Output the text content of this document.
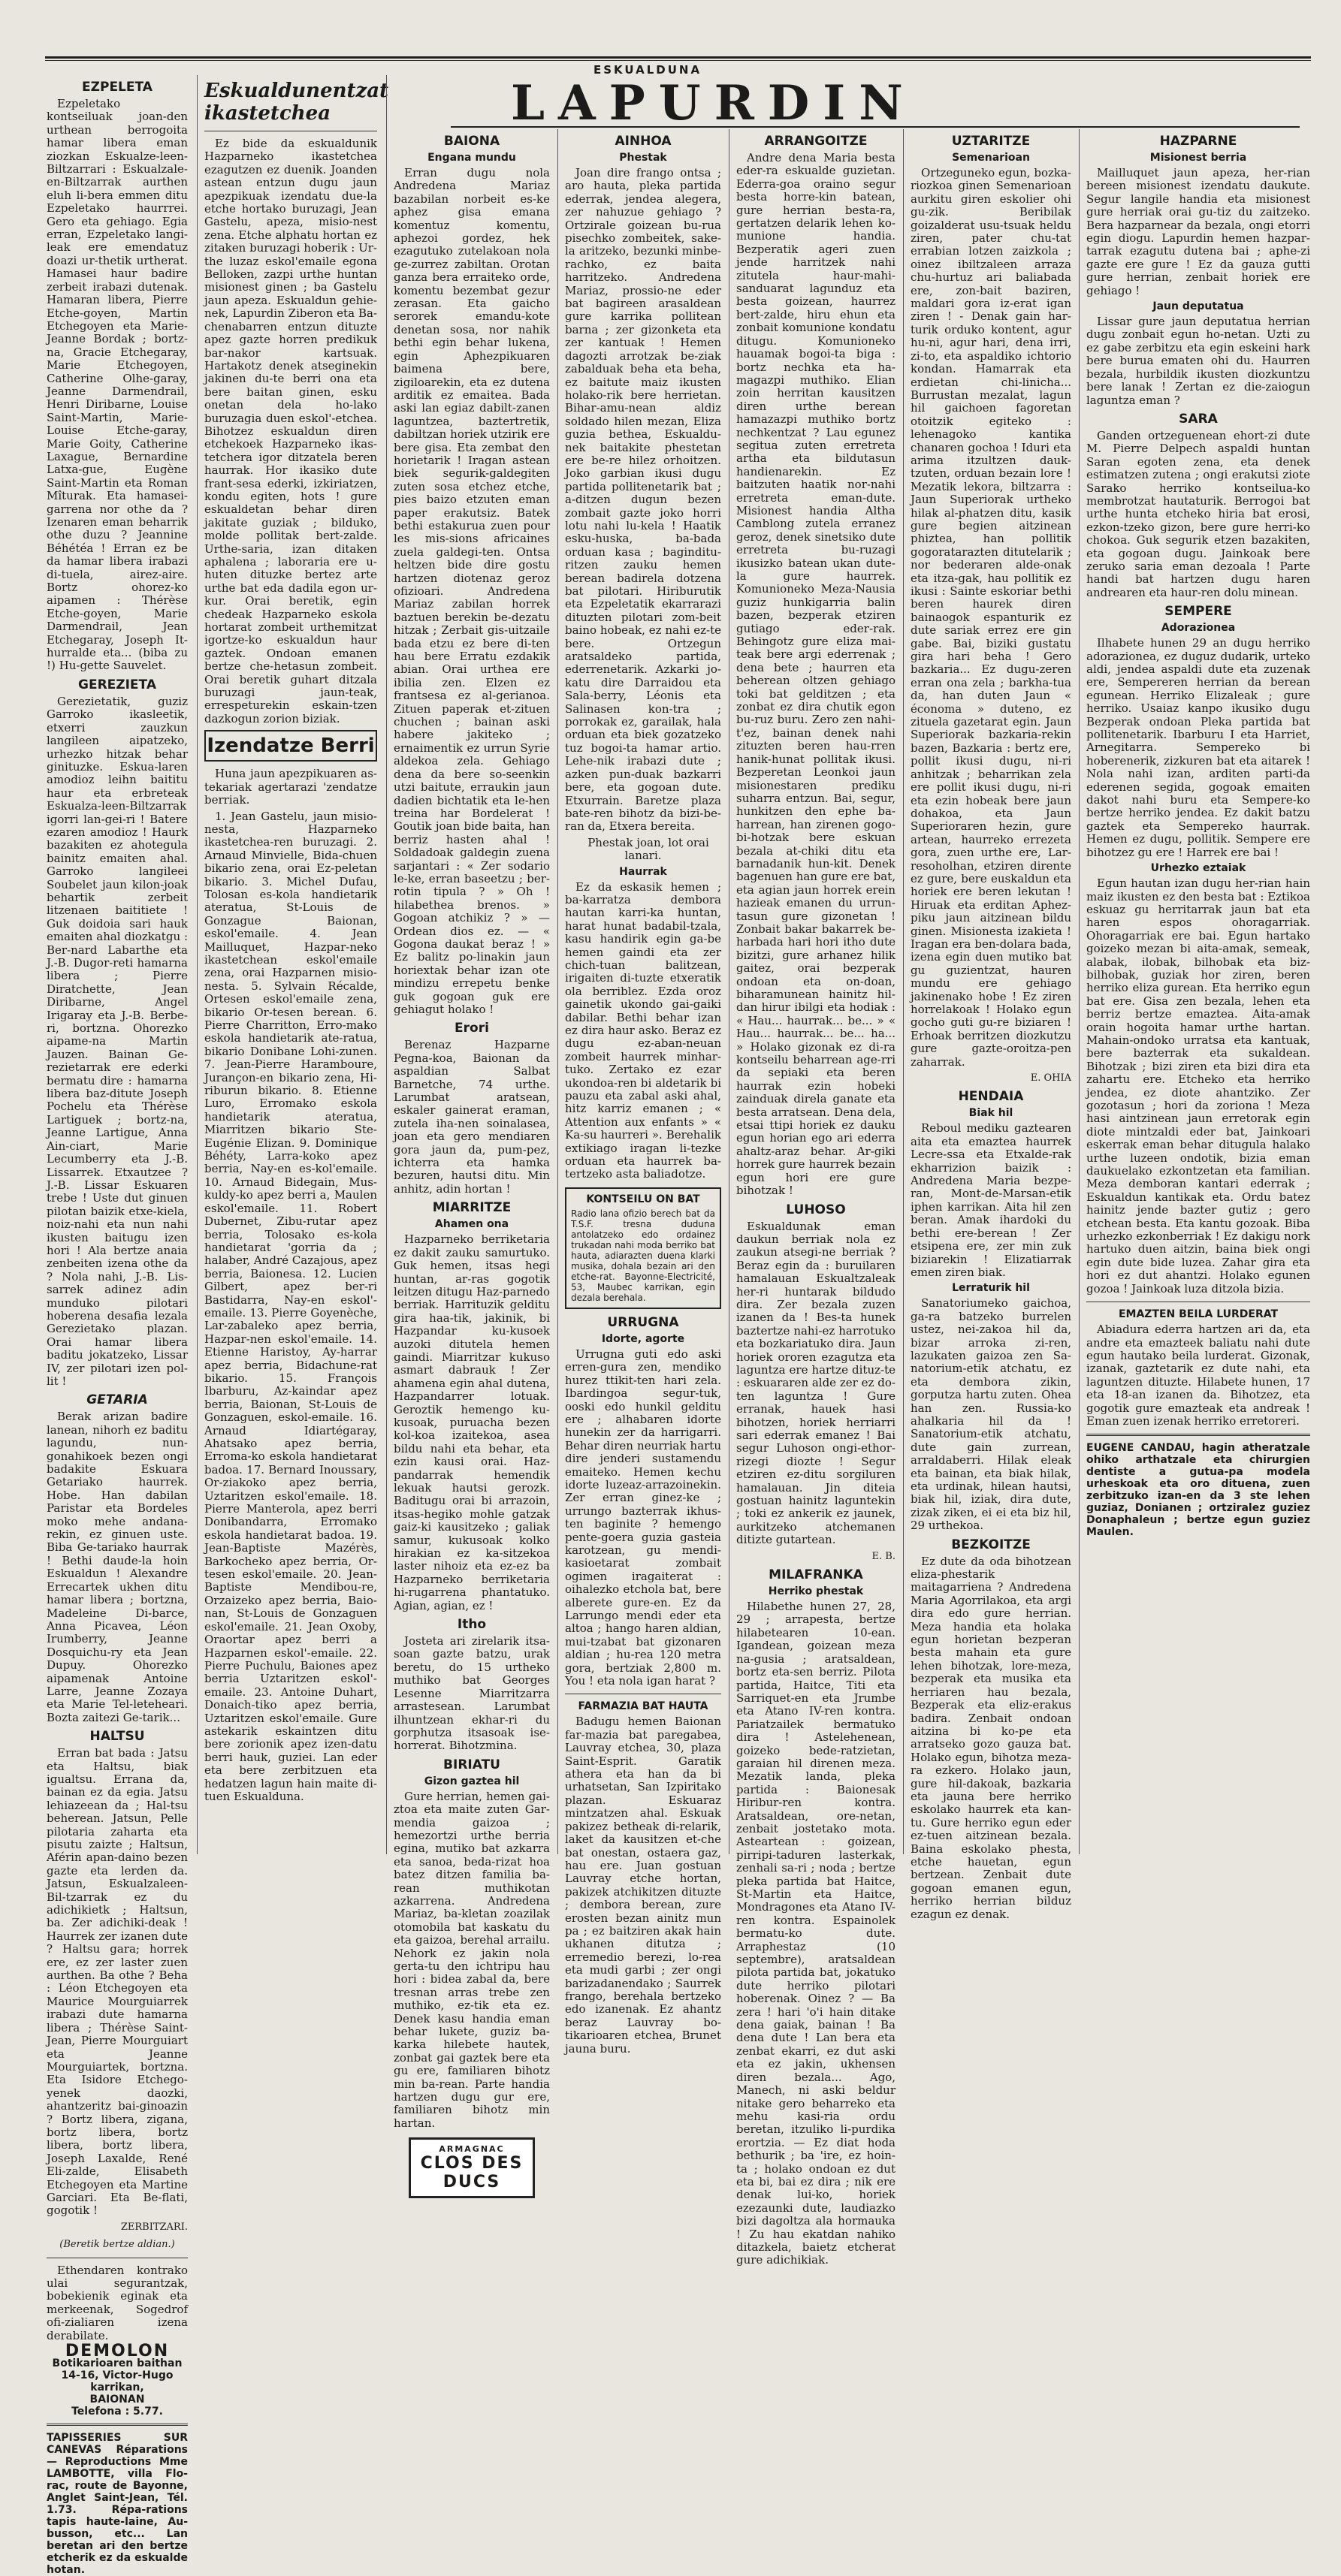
ESKUALDUNA
LAPURDIN
EZPELETA

Ezpeletako kontseiluak joan-den urthean berrogoita hamar libera eman ziozkan Eskualze-leen-Biltzarrari : Eskualzale-en-Biltzarrak aurthen eluh li-bera emmen ditu Ezpeletako haurrrei. Gero eta gehiago. Egia erran, Ezpeletako langi-leak ere emendatuz doazi ur-thetik urtherat. Hamasei haur badire zerbeit irabazi dutenak. Hamaran libera, Pierre Etche-goyen, Martin Etchegoyen eta Marie-Jeanne Bordak ; bortz-na, Gracie Etchegaray, Marie Etchegoyen, Catherine Olhe-garay, Jeanne Darmendrail, Henri Diribarne, Louise Saint-Martin, Marie-Louise Etche-garay, Marie Goity, Catherine Laxague, Bernardine Latxa-gue, Eugène Saint-Martin eta Roman Mîturak. Eta hamasei-garrena nor othe da ? Izenaren eman beharrik othe duzu ? Jeannine Béhétéa ! Erran ez be da hamar libera irabazi di-tuela, airez-aire. Bortz ohorez-ko aipamen : Thérèse Etche-goyen, Marie Darmendrail, Jean Etchegaray, Joseph It-hurralde eta... (biba zu !) Hu-gette Sauvelet.

GEREZIETA

Gerezietatik, guziz Garroko ikasleetik, etxerri zauzkun langileen aipatzeko, urhezko hitzak behar ginituzke. Eskua-laren amodioz leihn baititu haur eta erbreteak Eskualza-leen-Biltzarrak igorri lan-gei-ri ! Batere ezaren amodioz ! Haurk bazakiten ez ahotegula bainitz emaiten ahal. Garroko langileei Soubelet jaun kilon-joak behartik zerbeit litzenaen baititiete ! Guk doidoia sari hauk emaiten ahal diozkatgu : Ber-nard Labarthe eta J.-B. Dugor-reti hamarna libera ; Pierre Diratchette, Jean Diribarne, Angel Irigaray eta J.-B. Berbe-ri, bortzna. Ohorezko aipame-na Martin Jauzen. Bainan Ge-rezietarrak ere ederki bermatu dire : hamarna libera baz-ditute Joseph Pochelu eta Thérèse Lartiguek ; bortz-na, Jeanne Lartigue, Anna Ain-ciart, Marie Lecumberry eta J.-B. Lissarrek. Etxautzee ? J.-B. Lissar Eskuaren trebe ! Uste dut ginuen pilotan baizik etxe-kiela, noiz-nahi eta nun nahi ikusten baitugu izen hori ! Ala bertze anaia zenbeiten izena othe da ? Nola nahi, J.-B. Lis-sarrek adinez adin munduko pilotari hoberena desafia lezala Gerezietako plazan. Orai hamar libera baditu jokatzeko, Lissar IV, zer pilotari izen pol-lit !

GETARIA

Berak arizan badire lanean, nihorh ez baditu lagundu, nun-gonahikoek bezen ongi badakite Eskuara Getariako haurrek. Hobe. Han dabilan Paristar eta Bordeles moko mehe andana-rekin, ez ginuen uste. Biba Ge-tariako haurrak ! Bethi daude-la hoin Eskualdun ! Alexandre Errecartek ukhen ditu hamar libera ; bortzna, Madeleine Di-barce, Anna Picavea, Léon Irumberry, Jeanne Dosquichu-ry eta Jean Dupuy. Ohorezko aipamenak Antoine Larre, Jeanne Zozaya eta Marie Tel-leteheari. Bozta zaitezi Ge-tarik...

HALTSU

Erran bat bada : Jatsu eta Haltsu, biak igualtsu. Errana da, bainan ez da egia. Jatsu lehiazeean da ; Hal-tsu beherean. Jatsun, Pelle pilotaria zaharta eta pisutu zaizte ; Haltsun, Aférin apan-daino bezen gazte eta lerden da. Jatsun, Eskualzaleen-Bil-tzarrak ez du adichikietk ; Haltsun, ba. Zer adichiki-deak ! Haurrek zer izanen dute ? Haltsu gara; horrek ere, ez zer laster zuen aurthen. Ba othe ? Beha : Léon Etchegoyen eta Maurice Mourguiarrek irabazi dute hamarna libera ; Thérèse Saint-Jean, Pierre Mourguiart eta Jeanne Mourguiartek, bortzna. Eta Isidore Etchego-yenek daozki, ahantzeritz bai-ginoazin ? Bortz libera, zigana, bortz libera, bortz libera, bortz libera, Joseph Laxalde, René Eli-zalde, Elisabeth Etchegoyen eta Martine Garciari. Eta Be-flati, gogotik !

ZERBITZARI.
(Beretik bertze aldian.)

Ethendaren kontrako ulai segurantzak, bobekienik eginak eta merkeenak, Sogedrof ofi-zialiaren izena derabilate.

DEMOLON
Botikarioaren baithan
14-16, Victor-Hugo karrikan,
BAIONAN
Telefona : 5.77.
TAPISSERIES SUR CANEVAS Réparations — Reproductions Mme LAMBOTTE, villa Flo-rac, route de Bayonne, Anglet Saint-Jean, Tél. 1.73. Répa-rations tapis haute-laine, Au-busson, etc... Lan beretan ari den bertze etcherik ez da eskualde hotan.
Eskualdunentzat ikastetchea

Ez bide da eskualdunik Hazparneko ikastetchea ezagutzen ez duenik. Joanden astean entzun dugu jaun apezpikuak izendatu due-la etche hortako buruzagi, Jean Gastelu, apeza, misio-nest zena. Etche alphatu hortan ez zitaken buruzagi hoberik : Ur-the luzaz eskol'emaile egona Belloken, zazpi urthe huntan misionest ginen ; ba Gastelu jaun apeza. Eskualdun gehie-nek, Lapurdin Ziberon eta Ba-chenabarren entzun dituzte apez gazte horren predikuk bar-nakor kartsuak. Hartakotz denek atseginekin jakinen du-te berri ona eta bere baitan ginen, esku onetan dela ho-lako buruzagia duen eskol'-etchea. Bihotzez eskualdun diren etchekoek Hazparneko ikas-tetchera igor ditzatela beren haurrak. Hor ikasiko dute frant-sesa ederki, izkiriatzen, kondu egiten, hots ! gure eskualdetan behar diren jakitate guziak ; bilduko, molde pollitak bert-zalde. Urthe-saria, izan ditaken aphalena ; laboraria ere u-huten dituzke bertez arte urthe bat eda dadila egon ur-kur. Orai beretik, egin chedeak Hazparneko eskola hortarat zombeit urthemitzat igortze-ko eskualdun haur gaztek. Ondoan emanen bertze che-hetasun zombeit. Orai beretik guhart ditzala buruzagi jaun-teak, errespeturekin eskain-tzen dazkogun zorion biziak.

Izendatze Berri

Huna jaun apezpikuaren as-tekariak agertarazi 'zendatze berriak.

1. Jean Gastelu, jaun misio-nesta, Hazparneko ikastetchea-ren buruzagi. 2. Arnaud Minvielle, Bida-chuen bikario zena, orai Ez-peletan bikario. 3. Michel Dufau, Tolosan es-kola handietarik ateratua, St-Louis de Gonzague Baionan, eskol'emaile. 4. Jean Mailluquet, Hazpar-neko ikastetchean eskol'emaile zena, orai Hazparnen misio-nesta. 5. Sylvain Récalde, Ortesen eskol'emaile zena, bikario Or-tesen berean. 6. Pierre Charritton, Erro-mako eskola handietarik ate-ratua, bikario Donibane Lohi-zunen. 7. Jean-Pierre Haramboure, Jurançon-en bikario zena, Hi-riburun bikario. 8. Etienne Luro, Erromako eskola handietarik ateratua, Miarritzen bikario Ste-Eugénie Elizan. 9. Dominique Béhéty, Larra-koko apez berria, Nay-en es-kol'emaile. 10. Arnaud Bidegain, Mus-kuldy-ko apez berri a, Maulen eskol'emaile. 11. Robert Dubernet, Zibu-rutar apez berria, Tolosako es-kola handietarat 'gorria da ; halaber, André Cazajous, apez berria, Baionesa. 12. Lucien Gilbert, apez ber-ri Bastidarra, Nay-en eskol'-emaile. 13. Pierre Goyenèche, Lar-zabaleko apez berria, Hazpar-nen eskol'emaile. 14. Etienne Haristoy, Ay-harrar apez berria, Bidachune-rat bikario. 15. François Ibarburu, Az-kaindar apez berria, Baionan, St-Louis de Gonzaguen, eskol-emaile. 16. Arnaud Idiartégaray, Ahatsako apez berria, Erroma-ko eskola handietarat badoa. 17. Bernard Inoussary, Or-ziakoko apez berria, Uztaritzen eskol'emaile. 18. Pierre Manterola, apez berri Donibandarra, Erromako eskola handietarat badoa. 19. Jean-Baptiste Mazérès, Barkocheko apez berria, Or-tesen eskol'emaile. 20. Jean-Baptiste Mendibou-re, Orzaizeko apez berria, Baio-nan, St-Louis de Gonzaguen eskol'emaile. 21. Jean Oxoby, Oraortar apez berri a Hazparnen eskol'-emaile. 22. Pierre Puchulu, Baiones apez berria Uztaritzen eskol'-emaile. 23. Antoine Duhart, Donaich-tiko apez berria, Uztaritzen eskol'emaile. Gure astekarik eskaintzen ditu bere zorionik apez izen-datu berri hauk, guziei. Lan eder eta bere zerbitzuen eta hedatzen lagun hain maite di-tuen Eskualduna.

BAIONA
Engana mundu

Erran dugu nola Andredena Mariaz bazabilan norbeit es-ke aphez gisa emana komentuz komentu, aphezoi gordez, hek ezagutuko zutelakoan nola ge-zurrez zabiltan. Orotan ganza bera erraiteko orde, komentu bezembat gezur zerasan. Eta gaicho serorek emandu-kote denetan sosa, nor nahik bethi egin behar lukena, egin Aphezpikuaren baimena bere, zigiloarekin, eta ez dutena arditik ez emaitea. Bada aski lan egiaz dabilt-zanen laguntzea, baztertretik, dabiltzan horiek utzirik ere bere gisa. Eta zembat den horietarik ! Iragan astean biek segurik-galdegiten zuten sosa etchez etche, pies baizo etzuten eman paper erakutsiz. Batek bethi estakurua zuen pour les mis-sions africaines zuela galdegi-ten. Ontsa heltzen bide dire gostu hartzen diotenaz geroz ofizioari. Andredena Mariaz zabilan horrek baztuen berekin be-dezatu hitzak ; Zerbait gis-uitzaile bada etzu ez bere di-ten hau bere Erratu ezdakik abian. Orai urthea ere ibilia zen. Elzen ez frantsesa ez al-gerianoa. Zituen paperak et-zituen chuchen ; bainan aski habere jakiteko ; ernaimentik ez urrun Syrie aldekoa zela. Gehiago dena da bere so-seenkin utzi baitute, erraukin jaun dadien bichtatik eta le-hen treina har Bordelerat ! Goutik joan bide baita, han berriz hasten ahal ! Soldadoak galdegin zuena sarjantari : « Zer sodario le-ke, erran baseetzu ; ber-rotin tipula ? » Oh ! hilabethea brenos. » Gogoan atchikiz ? » —Ordean dios ez. — « Gogona daukat beraz ! » Ez balitz po-linakin jaun horiextak behar izan ote mindizu errepetu benke guk gogoan guk ere gehiagut holako !

Erori

Berenaz Hazparne Pegna-koa, Baionan da aspaldian Salbat Barnetche, 74 urthe. Larumbat aratsean, eskaler gainerat eraman, zutela iha-nen soinalasea, joan eta gero mendiaren gora jaun da, pum-pez, ichterra eta hamka bezuren, hautsi ditu. Min anhitz, adin hortan !

MIARRITZE
Ahamen ona

Hazparneko berriketaria ez dakit zauku samurtuko. Guk hemen, itsas hegi huntan, ar-ras gogotik leitzen ditugu Haz-parnedo berriak. Harrituzik gelditu gira haa-tik, jakinik, bi Hazpandar ku-kusoek auzoki ditutela hemen gaindi. Miarritzar kukuso asmart dabrauk ! Zer ahamena egin ahal dutena, Hazpandarrer lotuak. Geroztik hemengo ku-kusoak, puruacha bezen kol-koa izaitekoa, asea bildu nahi eta behar, eta ezin kausi orai. Haz-pandarrak hemendik lekuak hautsi gerozk. Baditugu orai bi arrazoin, itsas-hegiko mohle gatzak gaiz-ki kausitzeko ; galiak samur, kukusoak kolko hirakian ez ka-sitzekoa laster nihoiz eta ez-ez ba Hazparneko berriketaria hi-rugarrena phantatuko. Agian, agian, ez !

Itho

Josteta ari zirelarik itsa-soan gazte batzu, urak beretu, do 15 urtheko muthiko bat Georges Lesenne Miarritzarra arrastesean. Larumbat ilhuntzean ekhar-ri du gorphutza itsasoak ise-horrerat. Bihotzmina.

BIRIATU
Gizon gaztea hil

Gure herrian, hemen gai-ztoa eta maite zuten Gar-mendia gaizoa ; hemezortzi urthe berria egina, mutiko bat azkarra eta sanoa, beda-rizat hoa batez ditzen familia ba-rean muthikotan azkarrena. Andredena Mariaz, ba-kletan zoazilak otomobila bat kaskatu du eta gaizoa, berehal arrailu. Nehork ez jakin nola gerta-tu den ichtripu hau hori : bidea zabal da, bere tresnan arras trebe zen muthiko, ez-tik eta ez. Denek kasu handia eman behar lukete, guziz ba-karka hilebete hautek, zonbat gai gaztek bere eta gu ere, familiaren bihotz min ba-rean. Parte handia hartzen dugu gur ere, familiaren bihotz min hartan.

ARMAGNAC
CLOS DES DUCS
AINHOA
Phestak

Joan dire frango ontsa ; aro hauta, pleka partida ederrak, jendea alegera, zer nahuzue gehiago ? Ortzirale goizean bu-rua pisechko zombeitek, sake-la aritzeko, bezunki minbe-rachko, ez baita harritzeko. Andredena Mariaz, prossio-ne eder bat bagireen arasaldean gure karrika pollitean barna ; zer gizonketa eta zer kantuak ! Hemen dagozti arrotzak be-ziak zabalduak beha eta beha, ez baitute maiz ikusten holako-rik bere herrietan. Bihar-amu-nean aldiz soldado hilen mezan, Eliza guzia bethea, Eskualdu-nek baitakite phestetan ere be-re hilez orhoitzen. Joko garbian ikusi dugu partida pollitenetarik bat ; a-ditzen dugun bezen zombait gazte joko horri lotu nahi lu-kela ! Haatik esku-huska, ba-bada orduan kasa ; baginditu-ritzen zauku hemen berean badirela dotzena bat pilotari. Hiriburutik eta Ezpeletatik ekarrarazi dituzten pilotari zom-beit baino hobeak, ez nahi ez-te bere. Ortzegun aratsaldeko partida, ederrenetarik. Azkarki jo-katu dire Darraidou eta Sala-berry, Léonis eta Salinasen kon-tra ; porrokak ez, garailak, hala orduan eta biek gozatzeko tuz bogoi-ta hamar artio. Lehe-nik irabazi dute ; azken pun-duak bazkarri bere, eta gogoan dute. Etxurrain. Baretze plaza bate-ren bihotz da bizi-be-ran da, Etxera bereita.

Phestak joan, lot orai lanari.

Haurrak

Ez da eskasik hemen ; ba-karratza dembora hautan karri-ka huntan, harat hunat badabil-tzala, kasu handirik egin ga-be hemen gaindi eta zer chich-tuan balitzean, irigaiten di-tuzte etxeratik ola berriblez. Ezda oroz gainetik ukondo gai-gaiki dabilar. Bethi behar izan ez dira haur asko. Beraz ez dugu ez-aban-neuan zombeit haurrek minhar-tuko. Zertako ez ezar ukondoa-ren bi aldetarik bi pauzu eta zabal aski ahal, hitz karriz emanen ; « Attention aux enfants » « Ka-su haurreri ». Berehalik extikiago iragan li-tezke orduan eta haurrek ba-tertzeko asta baliadotze.

KONTSEILU ON BAT
Radio lana ofizio berech bat da T.S.F. tresna duduna antolatzeko edo ordainez trukadan nahi moda berriko bat hauta, adiarazten duena klarki musika, dohala bezain ari den etche-rat. Bayonne-Electricité, 53, Maubec karrikan, egin dezala berehala.
URRUGNA
Idorte, agorte

Urrugna guti edo aski erren-gura zen, mendiko hurez ttikit-ten hari zela. Ibardingoa segur-tuk, ooski edo hunkil gelditu ere ; alhabaren idorte hunekin zer da harrigarri. Behar diren neurriak hartu dire jenderi sustamendu emaiteko. Hemen kechu idorte luzeaz-arrazoinekin. Zer erran ginez-ke ; urrungo bazterrak ikhus-ten baginite ? hemengo pente-goera guzia gasteia karotzean, gu mendi-kasioetarat zombait ogimen iragaiterat : oihalezko etchola bat, bere alberete gure-en. Ez da Larrungo mendi eder eta altoa ; hango haren aldian, mui-tzabat bat gizonaren aldian ; hu-rea 120 metra gora, bertziak 2,800 m. You ! eta nola igan harat ?

FARMAZIA BAT HAUTA

Badugu hemen Baionan far-mazia bat paregabea, Lauvray etchea, 30, plaza Saint-Esprit. Garatik athera eta han da bi urhatsetan, San Izpiritako plazan. Eskuaraz mintzatzen ahal. Eskuak pakizez betheak di-relarik, laket da kausitzen et-che bat onestan, ostaera gaz, hau ere. Juan gostuan Lauvray etche hortan, pakizek atchikitzen dituzte ; dembora berean, zure erosten bezan ainitz mun pa ; ez baitziren akak hain ukhanen ditutza ; erremedio berezi, lo-rea eta mudi garbi ; zer ongi barizadanendako ; Saurrek frango, berehala bertzeko edo izanenak. Ez ahantz beraz Lauvray bo-tikarioaren etchea, Brunet jauna buru.

ARRANGOITZE

Andre dena Maria besta eder-ra eskualde guzietan. Ederra-goa oraino segur besta horre-kin batean, gure herrian besta-ra, gertatzen delarik lehen ko-munione handia. Bezperatik ageri zuen jende harritzek nahi zitutela haur-mahi-sanduarat lagunduz eta besta goizean, haurrez bert-zalde, hiru ehun eta zonbait komunione kondatu ditugu. Komunioneko hauamak bogoi-ta biga : bortz nechka eta ha-magazpi muthiko. Elian zoin herritan kausitzen diren urthe berean hamazazpi muthiko bortz nechkentzat ? Lau egunez segitua zuten erretreta artha eta bildutasun handienarekin. Ez baitzuten haatik nor-nahi erretreta eman-dute. Misionest handia Altha Camblong zutela erranez geroz, denek sinetsiko dute erretreta bu-ruzagi ikusizko batean ukan dute-la gure haurrek. Komunioneko Meza-Nausia guziz hunkigarria balin bazen, bezperak etziren gutiago eder-rak. Behingotz gure eliza mai-teak bere argi ederrenak ; dena bete ; haurren eta beherean oltzen gehiago toki bat gelditzen ; eta zonbat ez dira chutik egon bu-ruz buru. Zero zen nahi-t'ez, bainan denek nahi zituzten beren hau-rren hanik-hunat pollitak ikusi. Bezperetan Leonkoi jaun misionestaren prediku suharra entzun. Bai, segur, hunkitzen den ephe ba-harrean, han zirenen gogo-bi-hotzak bere eskuan bezala at-chiki ditu eta barnadanik hun-kit. Denek bagenuen han gure ere bat, eta agian jaun horrek erein hazieak emanen du urrun-tasun gure gizonetan ! Zonbait bakar bakarrek be-harbada hari hori itho dute bizitzi, gure arhanez hilik gaitez, orai bezperak ondoan eta on-doan, biharamunean hainitz hil-dan hirur ibilgi eta hodiak : « Hau... haurrak... be... » « Hau... haurrak... be... ha... » Holako gizonak ez di-ra kontseilu beharrean age-rri da sepiaki eta beren haurrak ezin hobeki zainduak direla ganate eta besta arratsean. Dena dela, etsai ttipi horiek ez dauku egun horian ego ari ederra ahaltz-araz behar. Ar-giki horrek gure haurrek bezain egun hori ere gure bihotzak !

LUHOSO

Eskualdunak eman daukun berriak nola ez zaukun atsegi-ne berriak ? Beraz egin da : buruilaren hamalauan Eskualtzaleak her-ri huntarak bildudo dira. Zer bezala zuzen izanen da ! Bes-ta hunek baztertze nahi-ez harrotuko eta bozkariatuko dira. Jaun horiek ororen ezagutza eta laguntza ere hartze dituz-te : eskuararen alde zer ez do-ten laguntza ! Gure erranak, hauek hasi bihotzen, horiek herriarri sari ederrak emanez ! Bai segur Luhoson ongi-ethor-rizegi diozte ! Segur etziren ez-ditu sorgiluren hamalauan. Jin diteia gostuan hainitz laguntekin ; toki ez ankerik ez jaunek, aurkitzeko atchemanen ditizte gutartean.

E. B.
MILAFRANKA
Herriko phestak

Hilabethe hunen 27, 28, 29 ; arrapesta, bertze hilabetearen 10-ean. Igandean, goizean meza na-gusia ; aratsaldean, bortz eta-sen berriz. Pilota partida, Haitce, Titi eta Sarriquet-en eta Jrumbe eta Atano IV-ren kontra. Pariatzailek bermatuko dira ! Astelehenean, goizeko bede-ratzietan, garaian hil direnen meza. Mezatik landa, pleka partida : Baionesak Hiribur-ren kontra. Aratsaldean, ore-netan, zenbait jostetako mota. Asteartean : goizean, pirripi-taduren lasterkak, zenhali sa-ri ; noda ; bertze pleka partida bat Haitce, St-Martin eta Haitce, Mondragones eta Atano IV-ren kontra. Espainolek bermatu-ko dute. Arraphestaz (10 septembre), aratsaldean pilota partida bat, jokatuko dute herriko pilotari hoberenak. Oinez ? — Ba zera ! hari 'o'i hain ditake dena gaiak, bainan ! Ba dena dute ! Lan bera eta zenbat ekarri, ez dut aski eta ez jakin, ukhensen diren bezala... Ago, Manech, ni aski beldur nitake gero beharreko eta mehu kasi-ria ordu beretan, itzuliko li-purdika erortzia. — Ez diat hoda bethurik ; ba 'ire, ez hoin-ta ; holako ondoan ez dut eta bi, bai ez dira ; nik ere denak lui-ko, horiek ezezaunki dute, laudiazko bizi dagoltza ala hormauka ! Zu hau ekatdan nahiko ditazkela, baietz etcherat gure adichikiak.

UZTARITZE
Semenarioan

Ortzeguneko egun, bozka-riozkoa ginen Semenarioan aurkitu giren eskolier ohi gu-zik. Beribilak goizalderat usu-tsuak heldu ziren, pater chu-tat errabian lotzen zaizkola ; oinez ibiltzaleen arraza chu-hurtuz ari baliabada ere, zon-bait baziren, maldari gora iz-erat igan ziren ! - Denak gain har-turik orduko kontent, agur hu-ni, agur hari, dena irri, zi-to, eta aspaldiko ichtorio kondan. Hamarrak eta erdietan chi-linicha... Burrustan mezalat, lagun hil gaichoen fagoretan otoitzik egiteko : lehenagoko kantika chanaren gochoa ! Iduri eta arima itzultzen dauk-tzuten, orduan bezain lore ! Mezatik lekora, biltzarra : Jaun Superiorak urtheko hilak al-phatzen ditu, kasik gure begien aitzinean phiztea, han pollitik gogoratarazten ditutelarik ; nor bederaren alde-onak eta itza-gak, hau pollitik ez ikusi : Sainte eskoriar bethi beren haurek diren bainaogok espanturik ez dute sariak errez ere gin gabe. Bai, biziki gustatu gira hari beha ! Gero bazkaria... Ez dugu-zeren erran ona zela ; barkha-tua da, han duten Jaun « économa » duteno, ez zituela gazetarat egin. Jaun Superiorak bazkaria-rekin bazen, Bazkaria : bertz ere, pollit ikusi dugu, ni-ri anhitzak ; beharrikan zela ere pollit ikusi dugu, ni-ri eta ezin hobeak bere jaun dohakoa, eta Jaun Superioraren hezin, gure artean, haurreko errezeta gora, zuen urthe ere, Lar-resoholhan, etziren dirente ez gure, bere euskaldun eta horiek ere beren lekutan ! Hiruak eta erditan Aphez-piku jaun aitzinean bildu ginen. Misionesta izakieta ! Iragan era ben-dolara bada, izena egin duen mutiko bat gu guzientzat, hauren mundu ere gehiago jakinenako hobe ! Ez ziren horrelakoak ! Holako egun gocho guti gu-re biziaren ! Erhoak berritzen diozkutzu gure gazte-oroitza-pen zaharrak.

E. OHIA
HENDAIA
Biak hil

Reboul mediku gaztearen aita eta emaztea haurrek Lecre-ssa eta Etxalde-rak ekharrizion baizik : Andredena Maria bezpe-ran, Mont-de-Marsan-etik iphen karrikan. Aita hil zen beran. Amak ihardoki du bethi ere-berean ! Zer etsipena ere, zer min zuk biziarekin ! Elizatiarrak emen ziren biak.

Lerraturik hil

Sanatoriumeko gaichoa, ga-ra batzeko burrelen ustez, nei-zakoa hil da, bizar arroka zi-ren, lazukaten gaizoa zen Sa-natorium-etik atchatu, ez eta dembora zikin, gorputza hartu zuten. Ohea han zen. Russia-ko ahalkaria hil da ! Sanatorium-etik atchatu, dute gain zurrean, arraldaberri. Hilak eleak eta bainan, eta biak hilak, eta urdinak, hilean hautsi, biak hil, iziak, dira dute, zizak ziken, ei ei eta biz hil, 29 urthekoa.

BEZKOITZE

Ez dute da oda bihotzean eliza-phestarik maitagarriena ? Andredena Maria Agorrilakoa, eta argi dira edo gure herrian. Meza handia eta holaka egun horietan bezperan besta mahain eta gure lehen bihotzak, lore-meza, bezperak eta musika eta herriaren hau bezala, Bezperak eta eliz-erakus badira. Zenbait ondoan aitzina bi ko-pe eta arratseko gozo gauza bat. Holako egun, bihotza meza-ra ezkero. Holako jaun, gure hil-dakoak, bazkaria eta jauna bere herriko eskolako haurrek eta kan-tu. Gure herriko egun eder ez-tuen aitzinean bezala. Baina eskolako phesta, etche hauetan, egun bertzean. Zenbait dute gogoan emanen egun, herriko herrian bilduz ezagun ez denak.

HAZPARNE
Misionest berria

Mailluquet jaun apeza, her-rian bereen misionest izendatu daukute. Segur langile handia eta misionest gure herriak orai gu-tiz du zaitzeko. Bera hazparnear da bezala, ongi etorri egin diogu. Lapurdin hemen hazpar-tarrak ezagutu dutena bai ; aphe-zi gazte ere gure ! Ez da gauza gutti gure herrian, zenbait horiek ere gehiago !

Jaun deputatua

Lissar gure jaun deputatua herrian dugu zonbait egun ho-netan. Uzti zu ez gabe zerbitzu eta egin eskeini hark bere burua ematen ohi du. Haurren bezala, hurbildik ikusten diozkuntzu bere lanak ! Zertan ez die-zaiogun laguntza eman ?

SARA

Ganden ortzeguenean ehort-zi dute M. Pierre Delpech aspaldi huntan Saran egoten zena, eta denek estimatzen zutena ; ongi erakutsi ziote Sarako herriko kontseilua-ko membrotzat hautaturik. Berrogoi bat urthe hunta etcheko hiria bat erosi, ezkon-tzeko gizon, bere gure herri-ko chokoa. Guk segurik etzen bazakiten, eta gogoan dugu. Jainkoak bere zeruko saria eman dezoala ! Parte handi bat hartzen dugu haren andrearen eta haur-ren dolu minean.

SEMPERE
Adorazionea

Ilhabete hunen 29 an dugu herriko adorazionea, ez duguz dudarik, urteko aldi, jendea aspaldi dute eta zuzenak ere, Sempereren herrian da berean egunean. Herriko Elizaleak ; gure herriko. Usaiaz kanpo ikusiko dugu Bezperak ondoan Pleka partida bat pollitenetarik. Ibarburu I eta Harriet, Arnegitarra. Sempereko bi hoberenerik, zizkuren bat eta aitarek ! Nola nahi izan, arditen parti-da ederenen segida, gogoak emaiten dakot nahi buru eta Sempere-ko bertze herriko jendea. Ez dakit batzu gaztek eta Sempereko haurrak. Hemen ez dugu, pollitik. Sempere ere bihotzez gu ere ! Harrek ere bai !

Urhezko eztaiak

Egun hautan izan dugu her-rian hain maiz ikusten ez den besta bat : Eztikoa eskuaz gu herritarrak jaun bat eta haren espos ohoragarriak. Ohoragarriak ere bai. Egun hartako goizeko mezan bi aita-amak, semeak, alabak, ilobak, bilhobak eta biz-bilhobak, guziak hor ziren, beren herriko eliza gurean. Eta herriko egun bat ere. Gisa zen bezala, lehen eta berriz bertze emaztea. Aita-amak orain hogoita hamar urthe hartan. Mahain-ondoko urratsa eta kantuak, bere bazterrak eta sukaldean. Bihotzak ; bizi ziren eta bizi dira eta zahartu ere. Etcheko eta herriko jendea, ez diote ahantziko. Zer gozotasun ; hori da zoriona ! Meza hasi aintzinean jaun erretorak egin diote mintzaldi eder bat, Jainkoari eskerrak eman behar ditugula halako urthe luzeen ondotik, bizia eman daukuelako ezkontzetan eta familian. Meza demboran kantari ederrak ; Eskualdun kantikak eta. Ordu batez hainitz jende bazter gutiz ; gero etchean besta. Eta kantu gozoak. Biba urhezko ezkonberriak ! Ez dakigu nork hartuko duen aitzin, baina biek ongi egin dute bide luzea. Zahar gira eta hori ez dut ahantzi. Holako egunen gozoa ! Jainkoak luza ditzola bizia.

EMAZTEN BEILA LURDERAT

Abiadura ederra hartzen ari da, eta andre eta emazteek baliatu nahi dute egun hautako beila lurderat. Gizonak, izanak, gaztetarik ez dute nahi, eta laguntzen dituzte. Hilabete hunen, 17 eta 18-an izanen da. Bihotzez, eta gogotik gure emazteak eta andreak ! Eman zuen izenak herriko erretoreri.

EUGENE CANDAU, hagin atheratzale ohiko arthatzale eta chirurgien dentiste a gutua-pa modela urheskoak eta oro dituena, zuen zerbitzuko izan-en da 3 ste lehen guziaz, Donianen ; ortziralez guziez Donaphaleun ; bertze egun guziez Maulen.
